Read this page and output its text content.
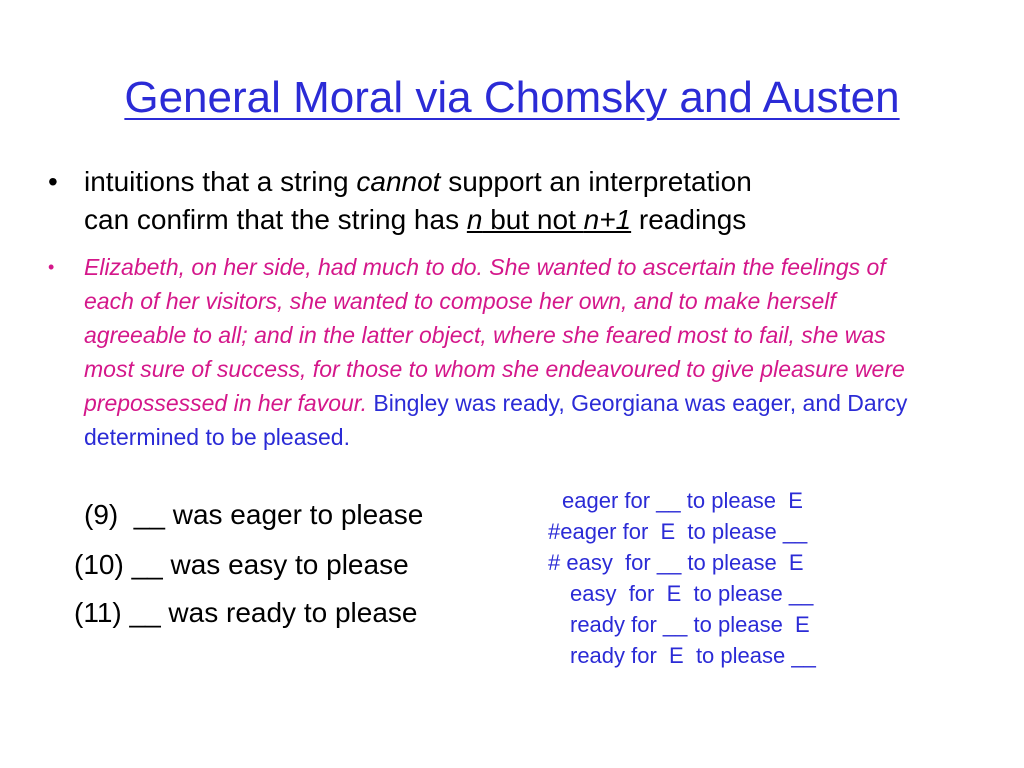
General Moral via Chomsky and Austen
• intuitions that a string cannot support an interpretation
can confirm that the string has n but not n+1 readings
• Elizabeth, on her side, had much to do. She wanted to ascertain the feelings of each of her visitors, she wanted to compose her own, and to make herself agreeable to all; and in the latter object, where she feared most to fail, she was most sure of success, for those to whom she endeavoured to give pleasure were prepossessed in her favour. Bingley was ready, Georgiana was eager, and Darcy determined to be pleased.
(9) __ was eager to please
(10) __ was easy to please
(11) __ was ready to please
eager for __ to please  E
#eager for  E  to please __
# easy  for __ to please  E
easy  for  E  to please __
ready for __ to please  E
ready for  E  to please __
